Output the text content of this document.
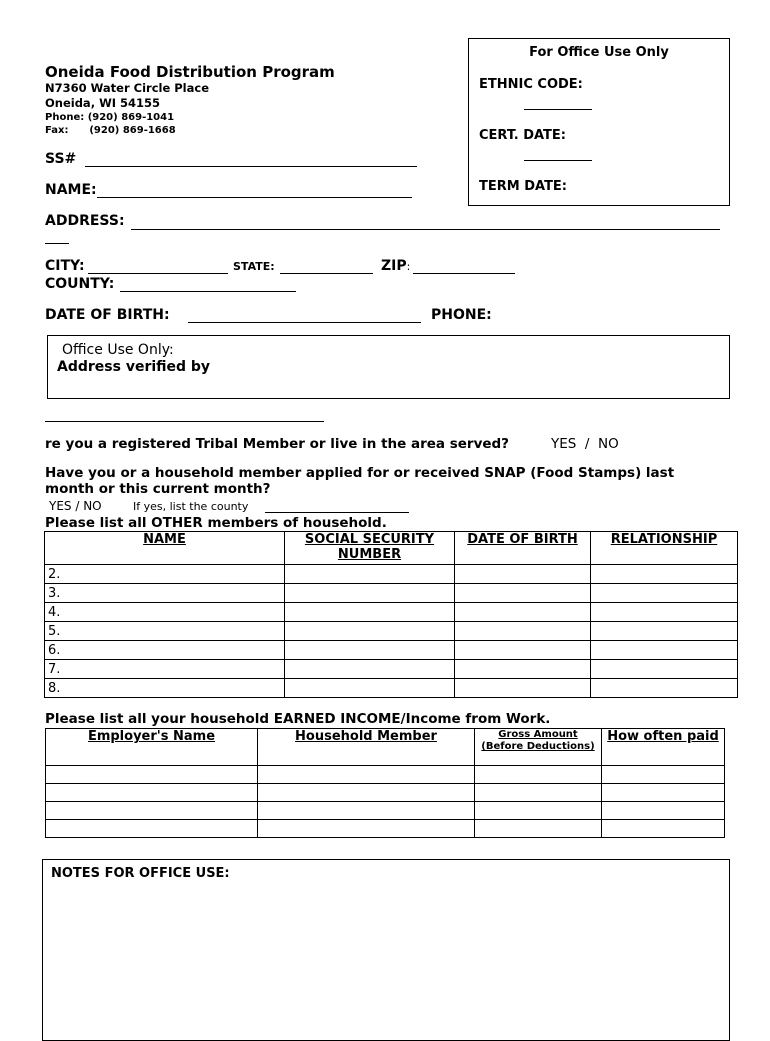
For Office Use Only
ETHNIC CODE:
CERT. DATE:
TERM DATE:
Oneida Food Distribution Program
N7360 Water Circle Place
Oneida, WI 54155
Phone: (920) 869-1041
Fax:      (920) 869-1668
SS#
NAME:
ADDRESS:
CITY:	STATE:	ZIP:
COUNTY:
DATE OF BIRTH:	PHONE:
Office Use Only:
Address verified by
re you a registered Tribal Member or live in the area served?	YES  /  NO
Have you or a household member applied for or received SNAP (Food Stamps) last month or this current month?
YES / NO	If yes, list the county
Please list all OTHER members of household.
NAME	SOCIAL SECURITY NUMBER	DATE OF BIRTH	RELATIONSHIP
2.			
3.			
4.			
5.			
6.			
7.			
8.			
Please list all your household EARNED INCOME/Income from Work.
Employer's Name	Household Member	Gross Amount (Before Deductions)	How often paid

NOTES FOR OFFICE USE:
